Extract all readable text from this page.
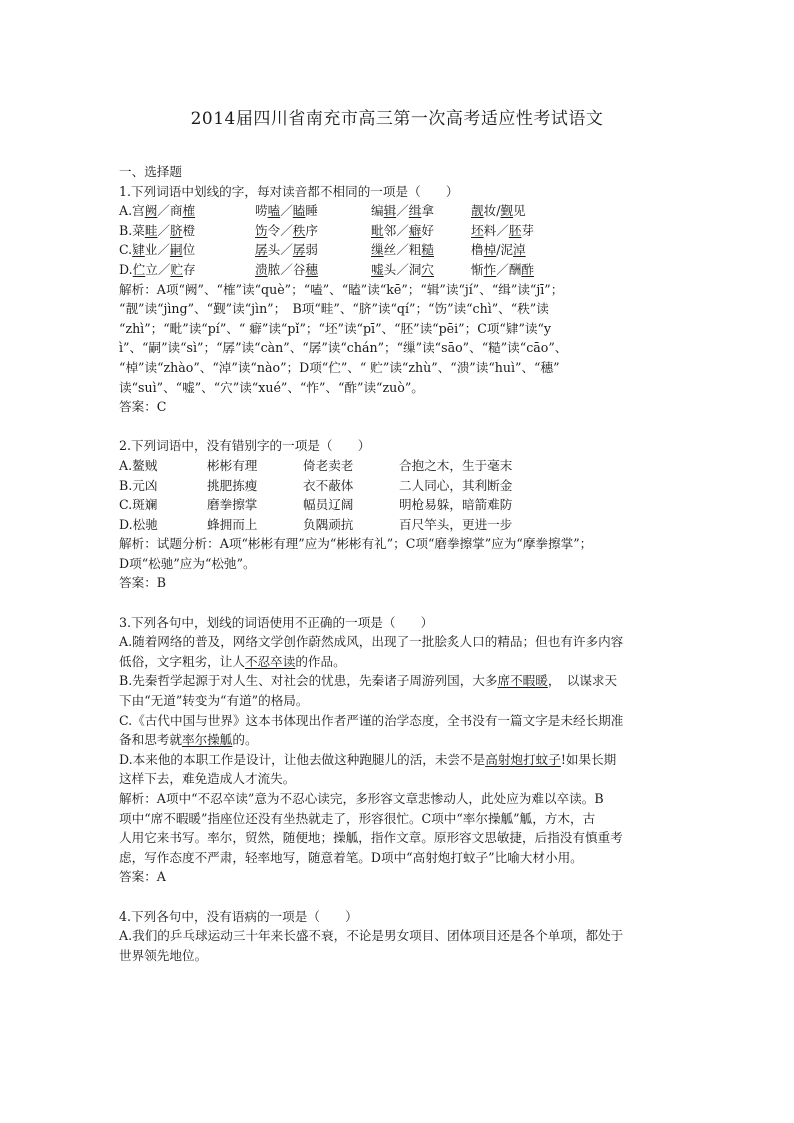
2014届四川省南充市高三第一次高考适应性考试语文
一、选择题
1.下列词语中划线的字，每对读音都不相同的一项是（　　）
A.宫阙／商榷	唠嗑／瞌睡	编辑／缉拿	靓妆/觐见
B.菜畦／脐橙	饬令／秩序	毗邻／癖好	坯料／胚芽
C.肄业／嗣位	孱头／孱弱	缫丝／粗糙	橹棹/泥淖
D.伫立／贮存	溃脓／谷穗	嘘头／洞穴	惭怍／酬酢
解析：A项“阙”、“榷”读“què”；“嗑”、“瞌”读“kē”；“辑”读“jí”、“缉”读“jī”；
“靓”读“jìng”、“觐”读“jìn”；　B项“畦”、“脐”读“qí”；“饬”读“chì”、“秩”读
“zhì”；“毗”读“pí”、“ 癖”读“pǐ”；“坯”读“pī”、“胚”读“pēi”；C项“肄”读“y
ì”、“嗣”读“sì”；“孱”读“càn”、“孱”读“chán”；“缫”读“sāo”、“糙”读“cāo”、
“棹”读“zhào”、“淖”读“nào”；D项“伫”、“ 贮”读“zhù”、“溃”读“huì”、“穗”
读“suì”、“嘘”、“穴”读“xué”、“怍”、“酢”读“zuò”。
答案：C
2.下列词语中，没有错别字的一项是（　　）
A.鳌贼	彬彬有理	倚老卖老	合抱之木，生于毫末
B.元凶	挑肥拣瘦	衣不蔽体	二人同心，其利断金
C.斑斓	磨拳擦掌	幅员辽阔	明枪易躲，暗箭难防
D.松驰	蜂拥而上	负隅顽抗	百尺竿头，更进一步
解析：试题分析：A项“彬彬有理”应为“彬彬有礼”；C项“磨拳擦掌”应为“摩拳擦掌”；
D项“松驰”应为“松弛”。
答案：B
3.下列各句中，划线的词语使用不正确的一项是（　　）
A.随着网络的普及，网络文学创作蔚然成风，出现了一批脍炙人口的精品；但也有许多内容
低俗，文字粗劣，让人不忍卒读的作品。
B.先秦哲学起源于对人生、对社会的忧患，先秦诸子周游列国，大多席不暇暖，　以谋求天
下由“无道”转变为“有道”的格局。
C.《古代中国与世界》这本书体现出作者严谨的治学态度，全书没有一篇文字是未经长期准
备和思考就率尔操觚的。
D.本来他的本职工作是设计，让他去做这种跑腿儿的活，未尝不是高射炮打蚊子!如果长期
这样下去，难免造成人才流失。
解析：A项中“不忍卒读”意为不忍心读完，多形容文章悲惨动人，此处应为难以卒读。B
项中“席不暇暖”指座位还没有坐热就走了，形容很忙。C项中“率尔操觚”觚，方木，古
人用它来书写。率尔，贸然，随便地；操觚，指作文章。原形容文思敏捷，后指没有慎重考
虑，写作态度不严肃，轻率地写，随意着笔。D项中“高射炮打蚊子”比喻大材小用。
答案：A
4.下列各句中，没有语病的一项是（　　）
A.我们的乒乓球运动三十年来长盛不衰，不论是男女项目、团体项目还是各个单项，都处于
世界领先地位。
